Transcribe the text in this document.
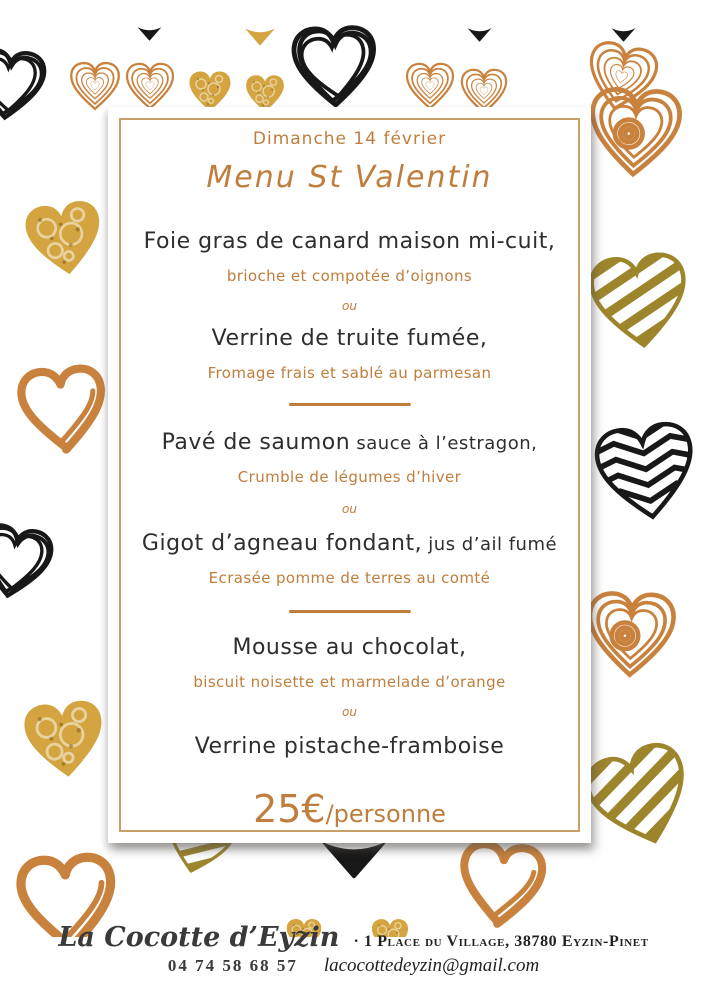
Dimanche 14 février
Menu St Valentin
Foie gras de canard maison mi-cuit,
brioche et compotée d’oignons
ou
Verrine de truite fumée,
Fromage frais et sablé au parmesan
Pavé de saumon sauce à l’estragon,
Crumble de légumes d’hiver
ou
Gigot d’agneau fondant, jus d’ail fumé
Ecrasée pomme de terres au comté
Mousse au chocolat,
biscuit noisette et marmelade d’orange
ou
Verrine pistache-framboise
25€/personne
La Cocotte d’Eyzin · 1 Place du Village, 38780 Eyzin-Pinet
04 74 58 68 57 lacocottedeyzin@gmail.com
